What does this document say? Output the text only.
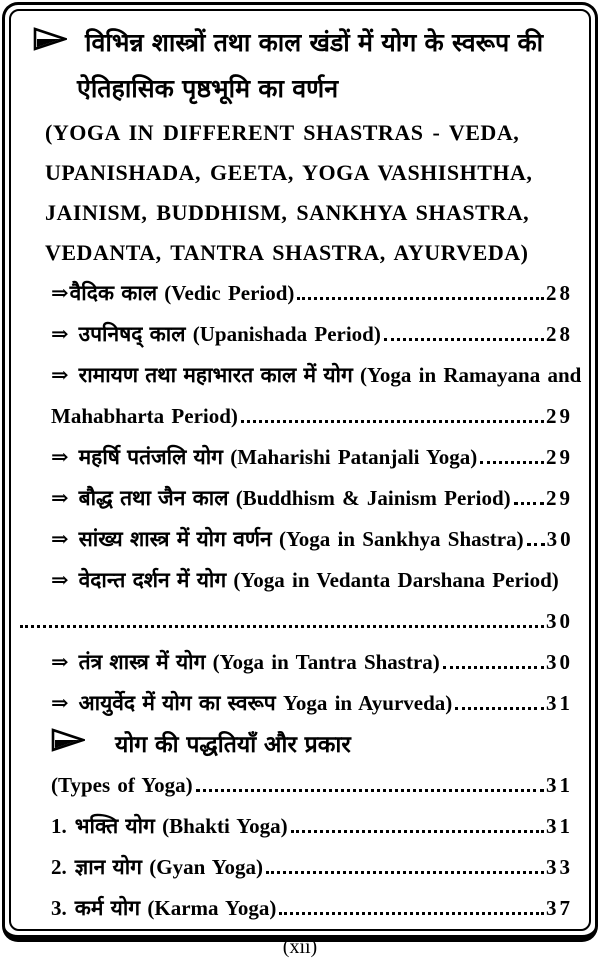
विभिन्न शास्त्रों तथा काल खंडों में योग के स्वरूप की
ऐतिहासिक पृष्ठभूमि का वर्णन
(YOGA IN DIFFERENT SHASTRAS - VEDA,
UPANISHADA, GEETA, YOGA VASHISHTHA,
JAINISM, BUDDHISM, SANKHYA SHASTRA,
VEDANTA, TANTRA SHASTRA, AYURVEDA)
⇒ वैदिक काल (Vedic Period)	28
⇒ उपनिषद् काल (Upanishada Period)	28
⇒ रामायण तथा महाभारत काल में योग (Yoga in Ramayana and
Mahabharta Period)	29
⇒ महर्षि पतंजलि योग (Maharishi Patanjali Yoga)	29
⇒ बौद्ध तथा जैन काल (Buddhism & Jainism Period) 29
⇒ सांख्य शास्त्र में योग वर्णन (Yoga in Sankhya Shastra) 30
⇒ वेदान्त दर्शन में योग (Yoga in Vedanta Darshana Period)
30
⇒ तंत्र शास्त्र में योग (Yoga in Tantra Shastra)	30
⇒ आयुर्वेद में योग का स्वरूप Yoga in Ayurveda)	31
योग की पद्धतियाँ और प्रकार
(Types of Yoga)	31
1. भक्ति योग (Bhakti Yoga)	31
2. ज्ञान योग (Gyan Yoga)	33
3. कर्म योग (Karma Yoga)	37
(xii)
